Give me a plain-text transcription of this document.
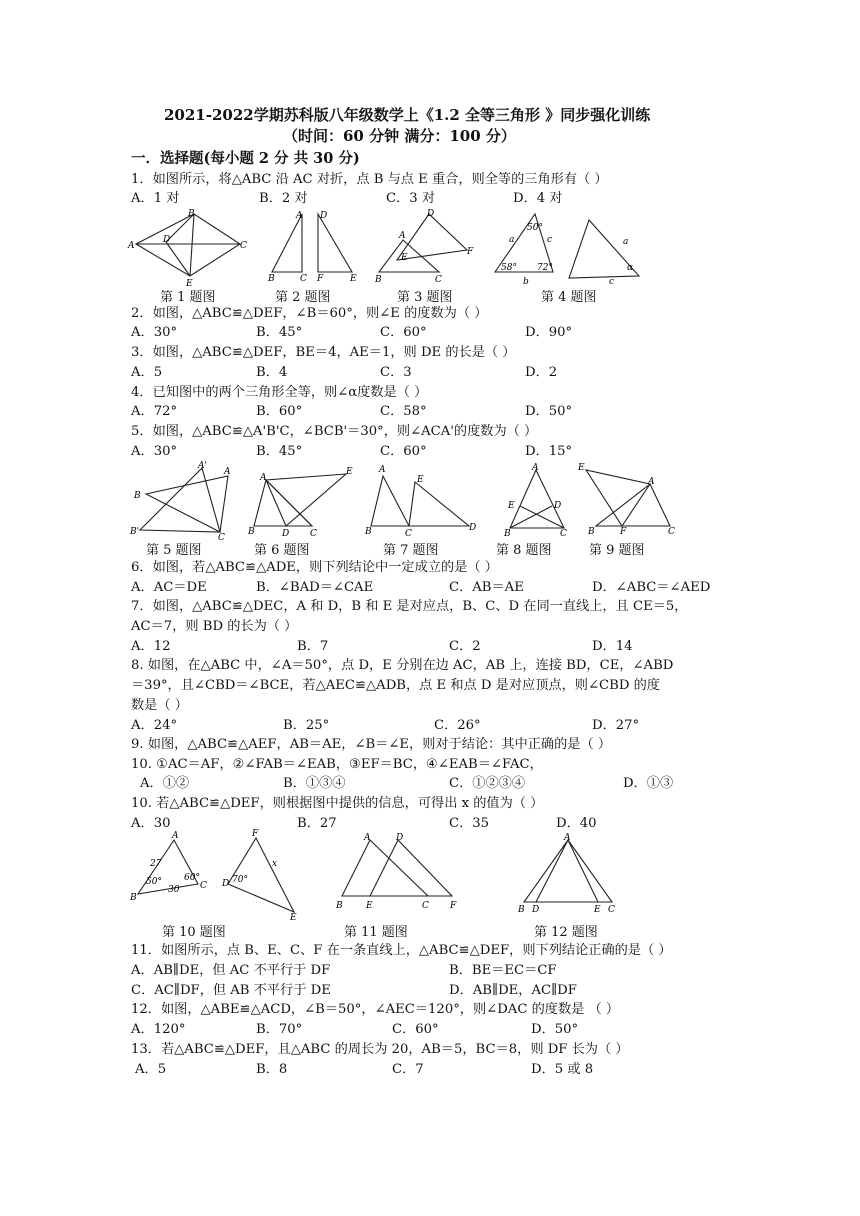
2021-2022学期苏科版八年级数学上《1.2 全等三角形 》同步强化训练
（时间：60 分钟 满分：100 分）
一．选择题(每小题 2 分 共 30 分)
1．如图所示，将△ABC 沿 AC 对折，点 B 与点 E 重合，则全等的三角形有（ ）
A．1 对	B．2 对	C．3 对	D．4 对
A
B
C
D
E
A
B	C
D
F	E
A
B	C
D
E
F
50°
58° 72°
a	c
b
a
α
c
第 1 题图	第 2 题图	第 3 题图	第 4 题图
2．如图，△ABC≌△DEF，∠B＝60°，则∠E 的度数为（ ）
A．30°	B．45°	C．60°	D．90°
3．如图，△ABC≌△DEF，BE＝4，AE＝1，则 DE 的长是（ ）
A．5	B．4	C．3	D．2
4．已知图中的两个三角形全等，则∠α度数是（ ）
A．72°	B．60°	C．58°	D．50°
5．如图，△ABC≌△A'B'C，∠BCB'＝30°，则∠ACA'的度数为（ ）
A．30°	B．45°	C．60°	D．15°
A'
A
B
B'
C
A
B	D C
E	A
B	C
E
D
A
B	C
D
E
E
A
B	F	C
第 5 题图	第 6 题图	第 7 题图	第 8 题图	第 9 题图
6．如图，若△ABC≌△ADE，则下列结论中一定成立的是（ ）
A．AC＝DE	B．∠BAD＝∠CAE	C．AB＝AE	D．∠ABC＝∠AED
7．如图，△ABC≌△DEC，A 和 D，B 和 E 是对应点，B、C、D 在同一直线上，且 CE＝5，
AC＝7，则 BD 的长为（ ）
A．12	B．7	C．2	D．14
8. 如图，在△ABC 中，∠A＝50°，点 D，E 分别在边 AC，AB 上，连接 BD，CE，∠ABD
＝39°，且∠CBD＝∠BCE，若△AEC≌△ADB，点 E 和点 D 是对应顶点，则∠CBD 的度
数是（ ）
A．24°	B．25°	C．26°	D．27°
9. 如图，△ABC≌△AEF，AB＝AE，∠B＝∠E，则对于结论：其中正确的是（ ）
10. ①AC＝AF，②∠FAB＝∠EAB，③EF＝BC，④∠EAB＝∠FAC，
A．①②	B．①③④	C．①②③④	D．①③
10. 若△ABC≌△DEF，则根据图中提供的信息，可得出 x 的值为（ ）
A．30	B．27	C．35	D．40
A
B
C
27
30
50° 60°
F
D
E
x
70°
A	D
B	E	C F
A
B D	E C
第 10 题图	第 11 题图	第 12 题图
11．如图所示，点 B、E、C、F 在一条直线上，△ABC≌△DEF，则下列结论正确的是（ ）
A．AB∥DE，但 AC 不平行于 DF	B．BE＝EC＝CF
C．AC∥DF，但 AB 不平行于 DE	D．AB∥DE，AC∥DF
12．如图，△ABE≌△ACD，∠B＝50°，∠AEC＝120°，则∠DAC 的度数是 （ ）
A．120°	B．70°	C．60°	D．50°
13．若△ABC≌△DEF，且△ABC 的周长为 20，AB＝5，BC＝8，则 DF 长为（ ）
A．5	B．8	C．7	D．5 或 8
